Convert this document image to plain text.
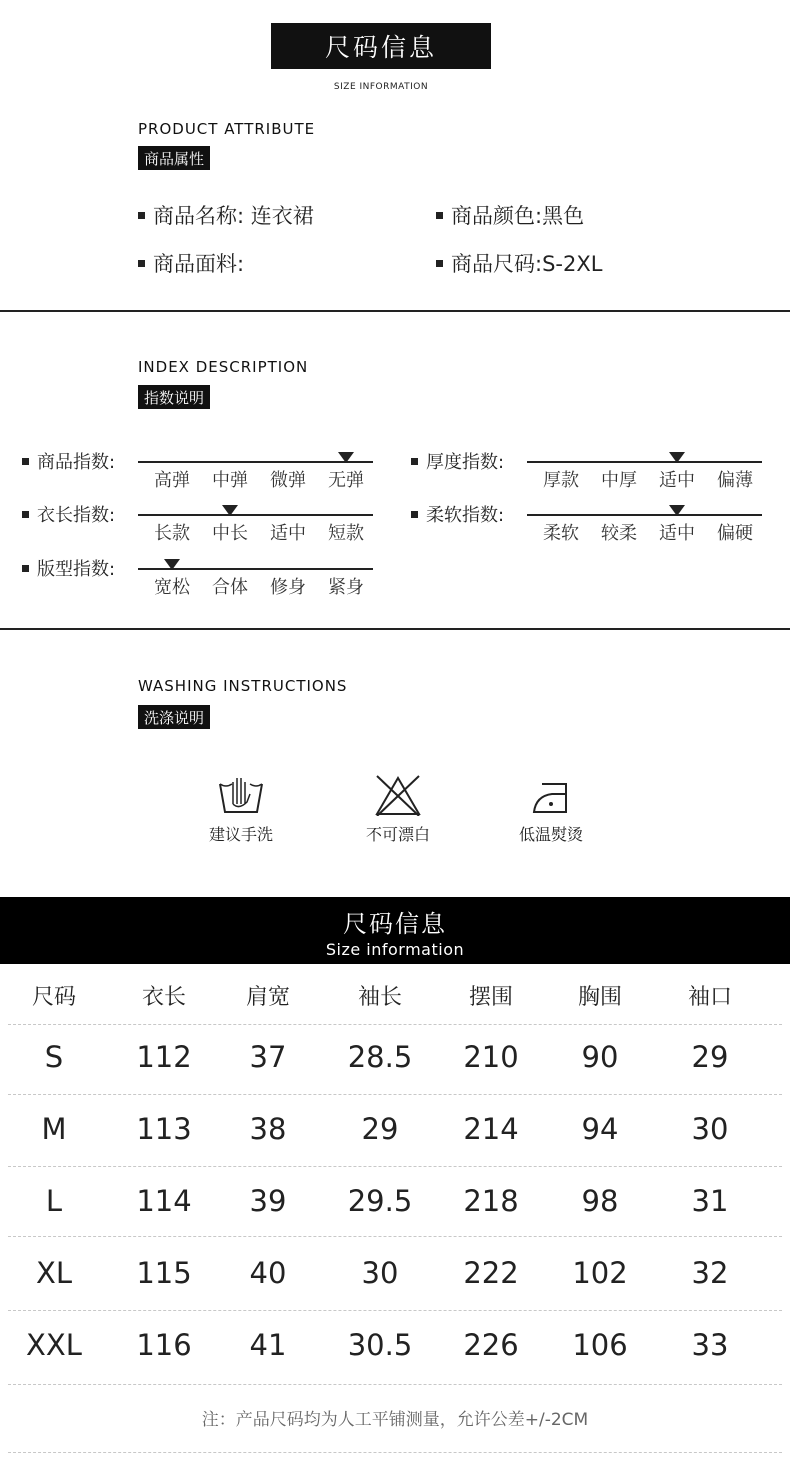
尺码信息
SIZE INFORMATION
PRODUCT ATTRIBUTE
商品属性
商品名称: 连衣裙	商品颜色:黑色
商品面料:	商品尺码:S-2XL
INDEX DESCRIPTION
指数说明
商品指数:
高弹	中弹	微弹	无弹
厚度指数:
厚款	中厚	适中	偏薄
衣长指数:
长款	中长	适中	短款
柔软指数:
柔软	较柔	适中	偏硬
版型指数:
宽松	合体	修身	紧身
WASHING INSTRUCTIONS
洗涤说明
建议手洗	不可漂白	低温熨烫
尺码信息
Size information
尺码	衣长	肩宽	袖长	摆围	胸围	袖口
S	112	37	28.5	210	90	29
M	113	38	29	214	94	30
L	114	39	29.5	218	98	31
XL	115	40	30	222	102	32
XXL	116	41	30.5	226	106	33
注：产品尺码均为人工平铺测量，允许公差+/-2CM
